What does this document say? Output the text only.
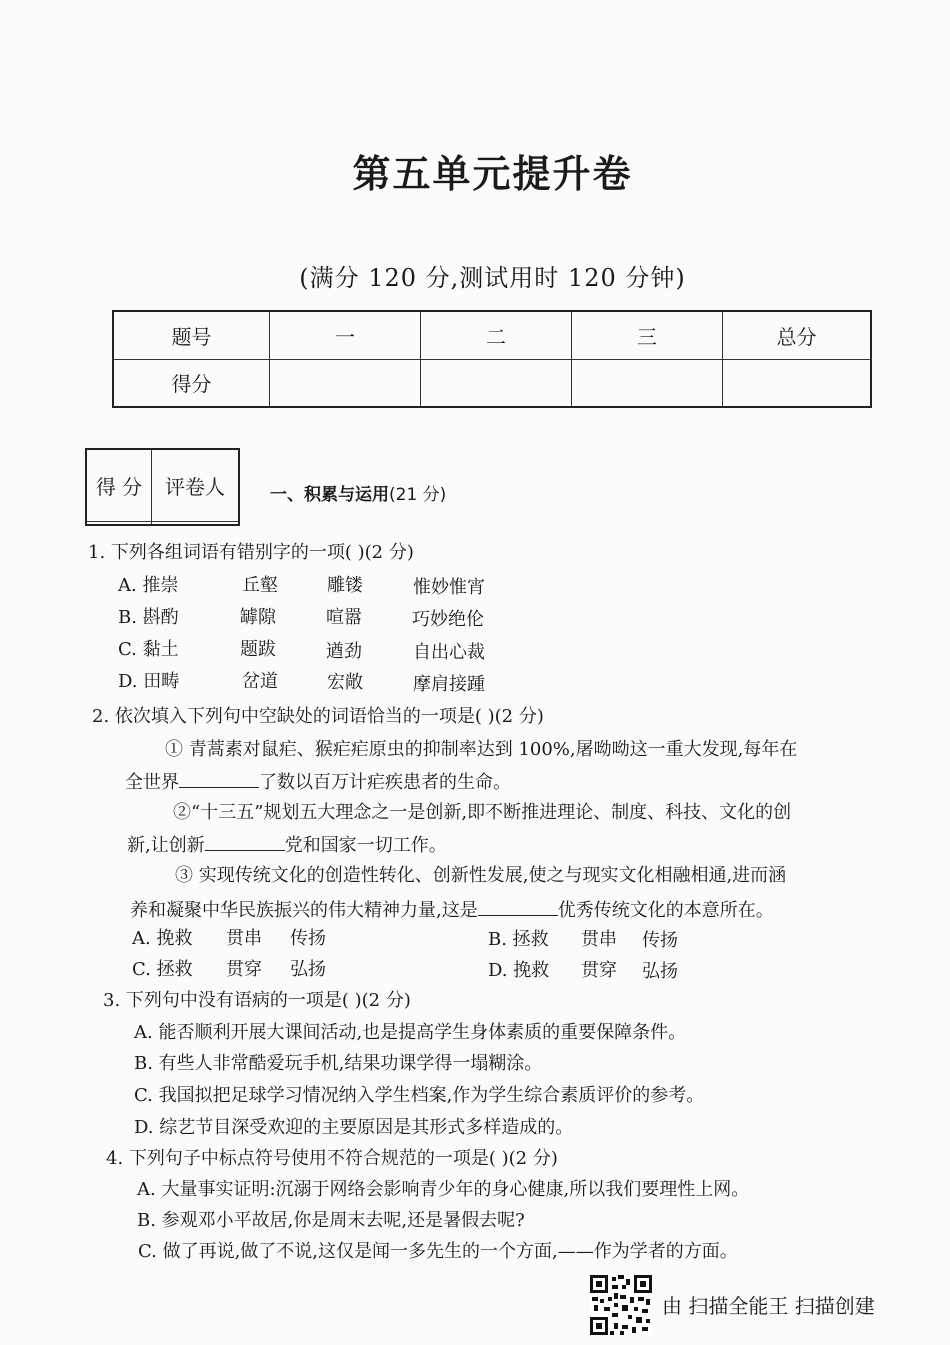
第五单元提升卷
(满分 120 分,测试用时 120 分钟)
题号	一	二	三	总分
得分				
得 分	评卷人
		一、积累与运用(21 分)
1. 下列各组词语有错别字的一项( )(2 分)
A. 推崇	丘壑	雕镂	惟妙惟宵
B. 斟酌	罅隙	喧嚣	巧妙绝伦
C. 黏土	题跋	遒劲	自出心裁
D. 田畴	岔道	宏敞	摩肩接踵
2. 依次填入下列句中空缺处的词语恰当的一项是( )(2 分)
① 青蒿素对鼠疟、猴疟疟原虫的抑制率达到 100%,屠呦呦这一重大发现,每年在
全世界	了数以百万计疟疾患者的生命。
②“十三五”规划五大理念之一是创新,即不断推进理论、制度、科技、文化的创
新,让创新	党和国家一切工作。
③ 实现传统文化的创造性转化、创新性发展,使之与现实文化相融相通,进而涵
养和凝聚中华民族振兴的伟大精神力量,这是	优秀传统文化的本意所在。
A. 挽救 贯串 传扬	B. 拯救 贯串 传扬
C. 拯救 贯穿 弘扬	D. 挽救 贯穿 弘扬
3. 下列句中没有语病的一项是( )(2 分)
A. 能否顺利开展大课间活动,也是提高学生身体素质的重要保障条件。
B. 有些人非常酷爱玩手机,结果功课学得一塌糊涂。
C. 我国拟把足球学习情况纳入学生档案,作为学生综合素质评价的参考。
D. 综艺节目深受欢迎的主要原因是其形式多样造成的。
4. 下列句子中标点符号使用不符合规范的一项是( )(2 分)
A. 大量事实证明:沉溺于网络会影响青少年的身心健康,所以我们要理性上网。
B. 参观邓小平故居,你是周末去呢,还是暑假去呢?
C. 做了再说,做了不说,这仅是闻一多先生的一个方面,——作为学者的方面。
由 扫描全能王 扫描创建
